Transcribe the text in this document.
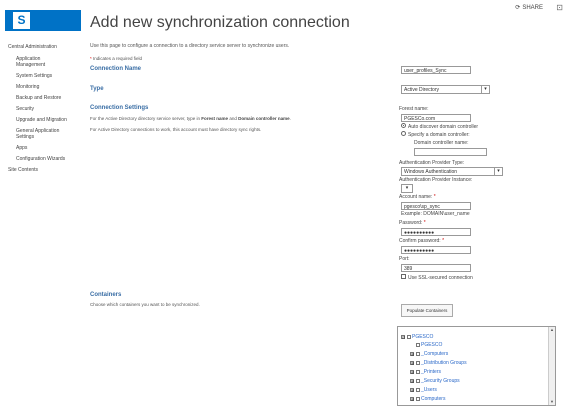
S
⟳ SHARE ⊡
Add new synchronization connection
Central Administration
Application
Management
System Settings
Monitoring
Backup and Restore
Security
Upgrade and Migration
General Application
Settings
Apps
Configuration Wizards
Site Contents
Use this page to configure a connection to a directory service server to synchronize users.
* Indicates a required field
Connection Name	user_profiles_Sync
Type	Active Directory	▾
Connection Settings
For the Active Directory directory service server, type in Forest name and Domain controller name.
For Active Directory connections to work, this account must have directory sync rights.
Forest name:
PGESCo.com
Auto discover domain controller
Specify a domain controller:
Domain controller name:
Authentication Provider Type:
Windows Authentication	▾
Authentication Provider Instance:
▾
Account name: *
pgesco\sp_sync
Example: DOMAIN\user_name
Password: *
●●●●●●●●●●
Confirm password: *
●●●●●●●●●●
Port:
389
Use SSL-secured connection
Containers
Choose which containers you want to be synchronized.
Populate Containers
⊟ PGESCO
PGESCO
⊞ _Computers
⊞ _Distribution Groups
⊞ _Printers
⊞ _Security Groups
⊞ _Users
⊞ Computers
▲
▼
